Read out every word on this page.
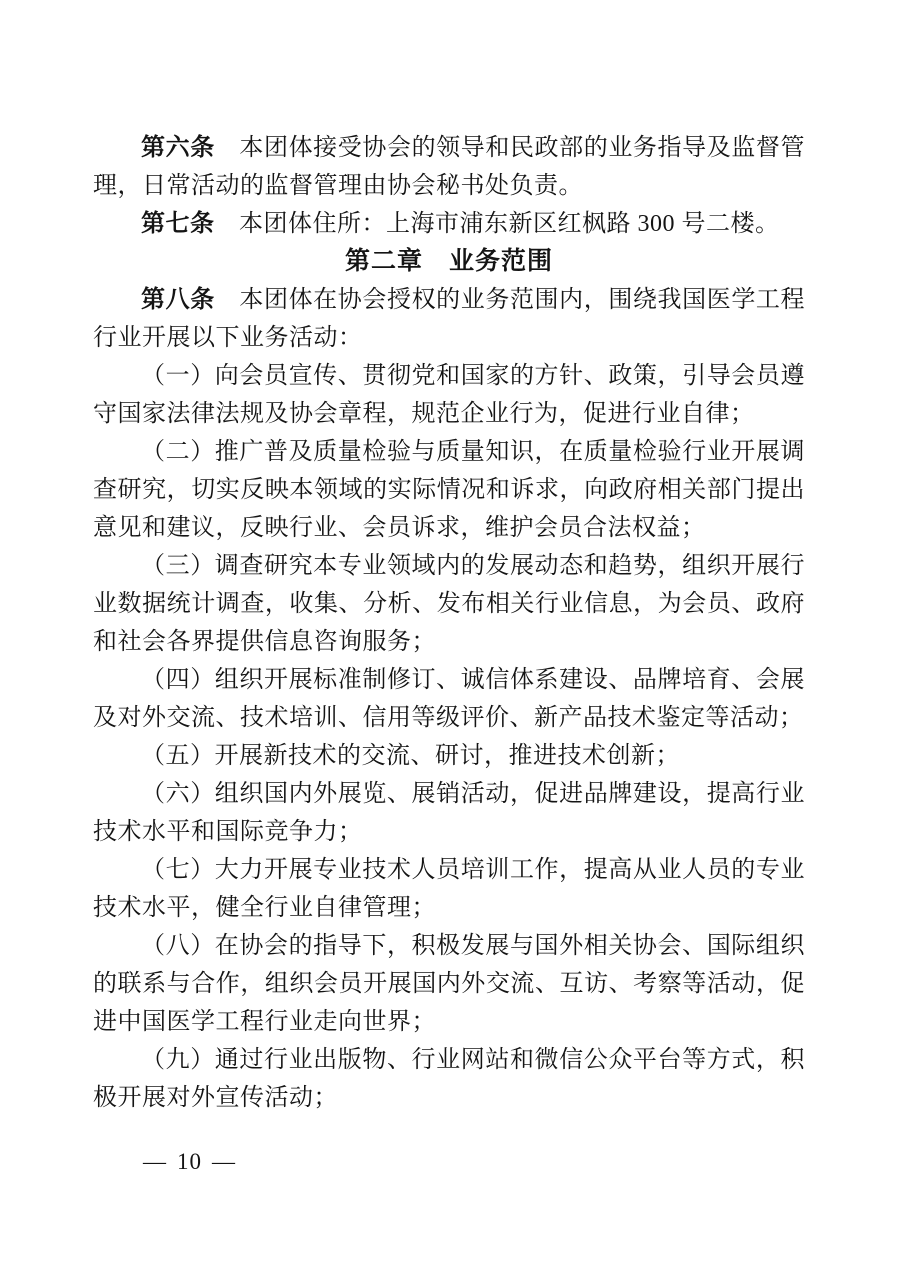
第六条　本团体接受协会的领导和民政部的业务指导及监督管理，日常活动的监督管理由协会秘书处负责。

第七条　本团体住所：上海市浦东新区红枫路 300 号二楼。

第二章　业务范围

第八条　本团体在协会授权的业务范围内，围绕我国医学工程行业开展以下业务活动：

（一）向会员宣传、贯彻党和国家的方针、政策，引导会员遵守国家法律法规及协会章程，规范企业行为，促进行业自律；

（二）推广普及质量检验与质量知识，在质量检验行业开展调查研究，切实反映本领域的实际情况和诉求，向政府相关部门提出意见和建议，反映行业、会员诉求，维护会员合法权益；

（三）调查研究本专业领域内的发展动态和趋势，组织开展行业数据统计调查，收集、分析、发布相关行业信息，为会员、政府和社会各界提供信息咨询服务；

（四）组织开展标准制修订、诚信体系建设、品牌培育、会展及对外交流、技术培训、信用等级评价、新产品技术鉴定等活动；

（五）开展新技术的交流、研讨，推进技术创新；

（六）组织国内外展览、展销活动，促进品牌建设，提高行业技术水平和国际竞争力；

（七）大力开展专业技术人员培训工作，提高从业人员的专业技术水平，健全行业自律管理；

（八）在协会的指导下，积极发展与国外相关协会、国际组织的联系与合作，组织会员开展国内外交流、互访、考察等活动，促进中国医学工程行业走向世界；

（九）通过行业出版物、行业网站和微信公众平台等方式，积极开展对外宣传活动；

— 10 —
